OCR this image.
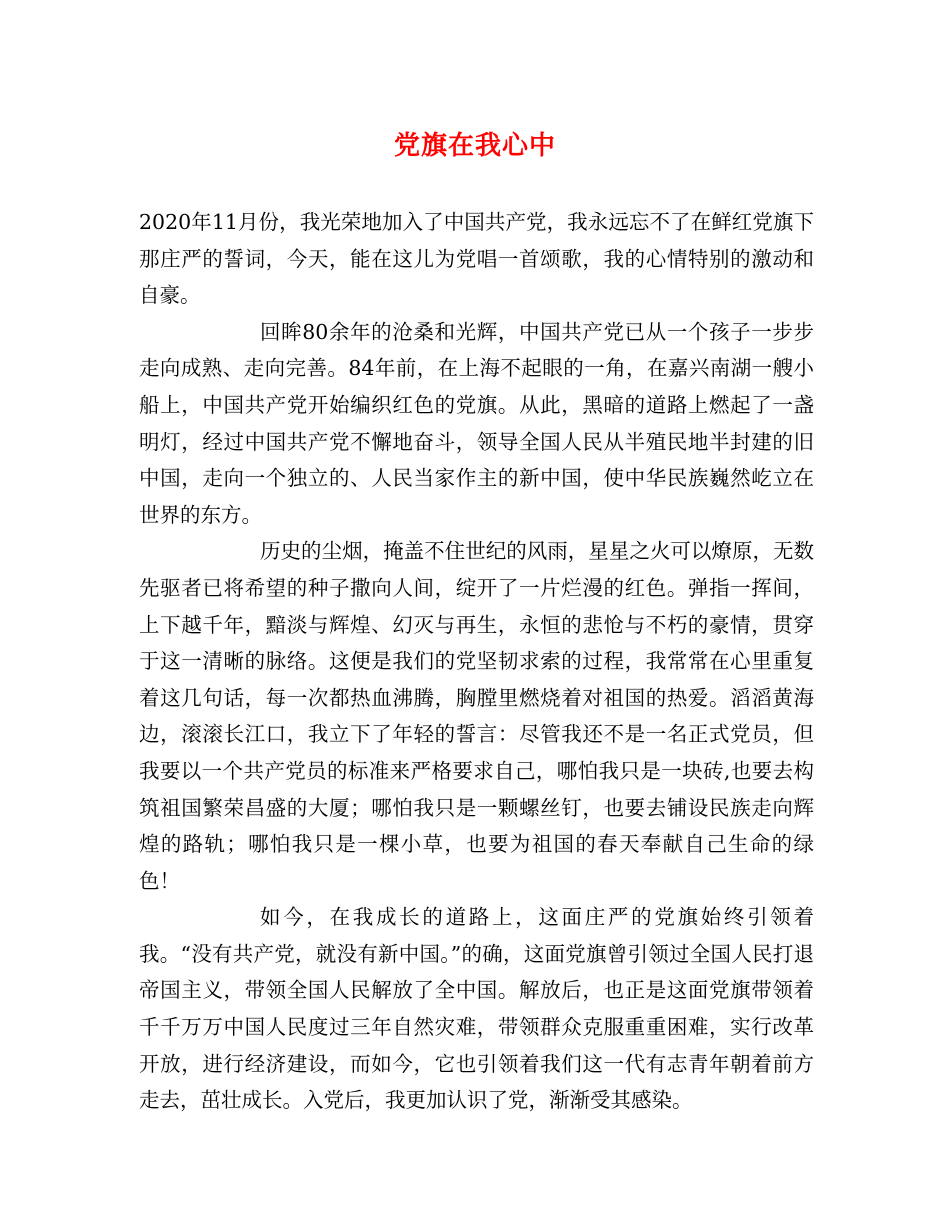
党旗在我心中

2020年11月份，我光荣地加入了中国共产党，我永远忘不了在鲜红党旗下那庄严的誓词，今天，能在这儿为党唱一首颂歌，我的心情特别的激动和自豪。

回眸80余年的沧桑和光辉，中国共产党已从一个孩子一步步走向成熟、走向完善。84年前，在上海不起眼的一角，在嘉兴南湖一艘小船上，中国共产党开始编织红色的党旗。从此，黑暗的道路上燃起了一盏明灯，经过中国共产党不懈地奋斗，领导全国人民从半殖民地半封建的旧中国，走向一个独立的、人民当家作主的新中国，使中华民族巍然屹立在世界的东方。

历史的尘烟，掩盖不住世纪的风雨，星星之火可以燎原，无数先驱者已将希望的种子撒向人间，绽开了一片烂漫的红色。弹指一挥间，上下越千年，黯淡与辉煌、幻灭与再生，永恒的悲怆与不朽的豪情，贯穿于这一清晰的脉络。这便是我们的党坚韧求索的过程，我常常在心里重复着这几句话，每一次都热血沸腾，胸膛里燃烧着对祖国的热爱。滔滔黄海边，滚滚长江口，我立下了年轻的誓言：尽管我还不是一名正式党员，但我要以一个共产党员的标准来严格要求自己，哪怕我只是一块砖,也要去构筑祖国繁荣昌盛的大厦；哪怕我只是一颗螺丝钉，也要去铺设民族走向辉煌的路轨；哪怕我只是一棵小草，也要为祖国的春天奉献自己生命的绿色！

如今，在我成长的道路上，这面庄严的党旗始终引领着我。“没有共产党，就没有新中国。”的确，这面党旗曾引领过全国人民打退帝国主义，带领全国人民解放了全中国。解放后，也正是这面党旗带领着千千万万中国人民度过三年自然灾难，带领群众克服重重困难，实行改革开放，进行经济建设，而如今，它也引领着我们这一代有志青年朝着前方走去，茁壮成长。入党后，我更加认识了党，渐渐受其感染。
